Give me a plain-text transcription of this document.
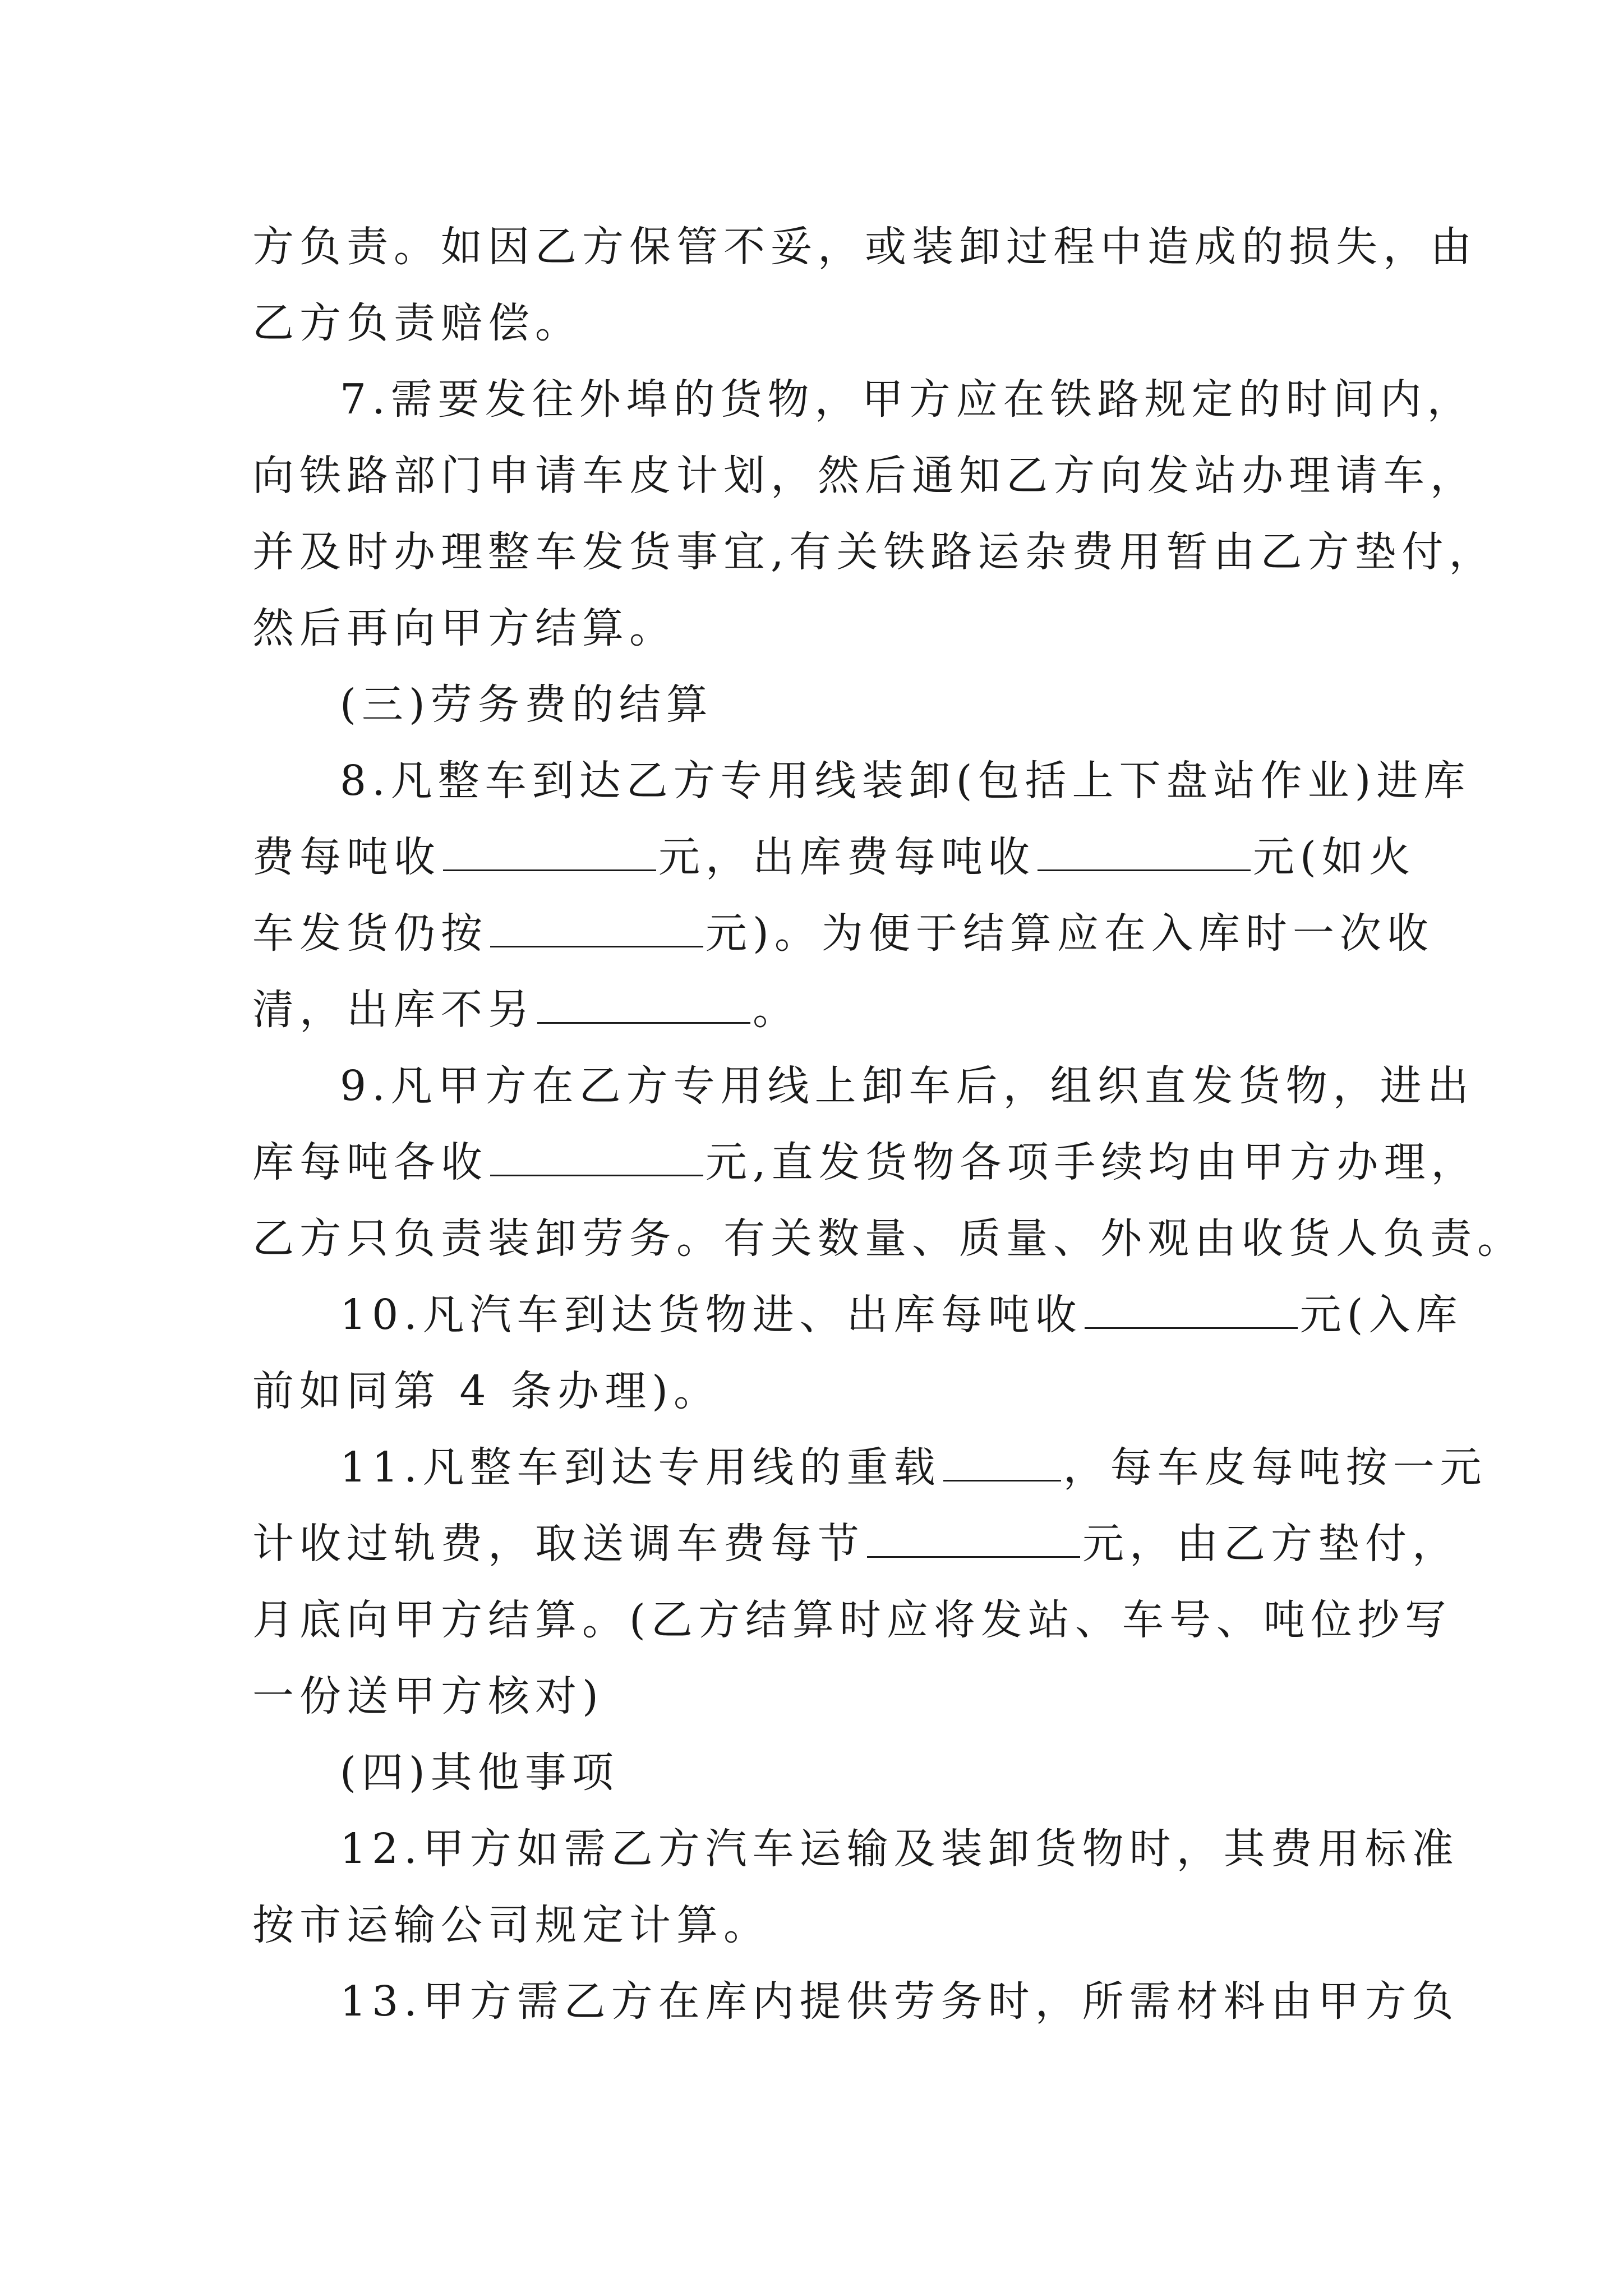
方负责。如因乙方保管不妥，或装卸过程中造成的损失，由
乙方负责赔偿。
7.需要发往外埠的货物，甲方应在铁路规定的时间内，
向铁路部门申请车皮计划，然后通知乙方向发站办理请车，
并及时办理整车发货事宜,有关铁路运杂费用暂由乙方垫付，
然后再向甲方结算。
(三)劳务费的结算
8.凡整车到达乙方专用线装卸(包括上下盘站作业)进库
费每吨收	元，出库费每吨收	元(如火
车发货仍按	元)。为便于结算应在入库时一次收
清，出库不另	。
9.凡甲方在乙方专用线上卸车后，组织直发货物，进出
库每吨各收	元,直发货物各项手续均由甲方办理，
乙方只负责装卸劳务。有关数量、质量、外观由收货人负责。
10.凡汽车到达货物进、出库每吨收	元(入库
前如同第 4 条办理)。
11.凡整车到达专用线的重载	，每车皮每吨按一元
计收过轨费，取送调车费每节	元，由乙方垫付，
月底向甲方结算。(乙方结算时应将发站、车号、吨位抄写
一份送甲方核对)
(四)其他事项
12.甲方如需乙方汽车运输及装卸货物时，其费用标准
按市运输公司规定计算。
13.甲方需乙方在库内提供劳务时，所需材料由甲方负
